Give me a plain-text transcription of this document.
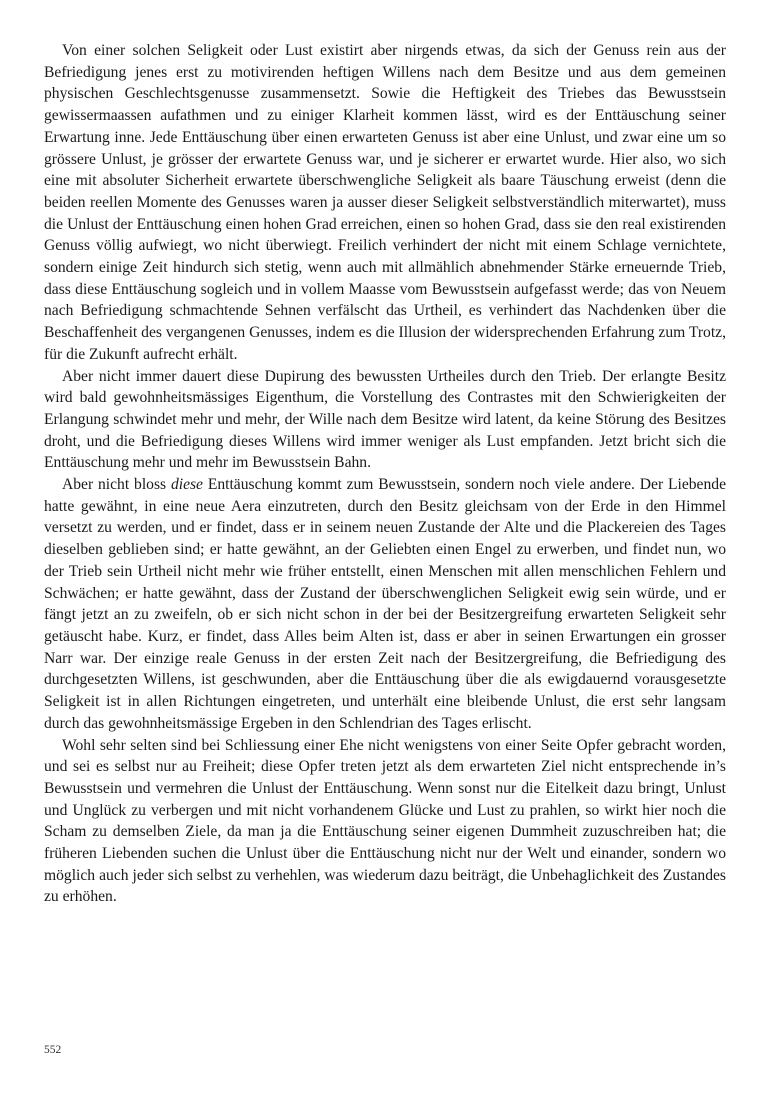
Von einer solchen Seligkeit oder Lust existirt aber nirgends etwas, da sich der Genuss rein aus der Befriedigung jenes erst zu motivirenden heftigen Willens nach dem Besitze und aus dem gemeinen physischen Geschlechtsgenusse zusammensetzt. Sowie die Heftigkeit des Triebes das Bewusstsein gewissermaassen aufathmen und zu einiger Klarheit kommen lässt, wird es der Enttäuschung seiner Erwartung inne. Jede Enttäuschung über einen erwarteten Genuss ist aber eine Unlust, und zwar eine um so grössere Unlust, je grösser der erwartete Genuss war, und je sicherer er erwartet wurde. Hier also, wo sich eine mit absoluter Sicherheit erwartete überschwengliche Seligkeit als baare Täuschung erweist (denn die beiden reellen Momente des Genusses waren ja ausser dieser Seligkeit selbstverständlich miterwartet), muss die Unlust der Enttäuschung einen hohen Grad erreichen, einen so hohen Grad, dass sie den real existirenden Genuss völlig aufwiegt, wo nicht überwiegt. Freilich verhindert der nicht mit einem Schlage vernichtete, sondern einige Zeit hindurch sich stetig, wenn auch mit allmählich abnehmender Stärke erneuernde Trieb, dass diese Enttäuschung sogleich und in vollem Maasse vom Bewusstsein aufgefasst werde; das von Neuem nach Befriedigung schmachtende Sehnen verfälscht das Urtheil, es verhindert das Nachdenken über die Beschaffenheit des vergangenen Genusses, indem es die Illusion der widersprechenden Erfahrung zum Trotz, für die Zukunft aufrecht erhält.

Aber nicht immer dauert diese Dupirung des bewussten Urtheiles durch den Trieb. Der erlangte Besitz wird bald gewohnheitsmässiges Eigenthum, die Vorstellung des Contrastes mit den Schwierigkeiten der Erlangung schwindet mehr und mehr, der Wille nach dem Besitze wird latent, da keine Störung des Besitzes droht, und die Befriedigung dieses Willens wird immer weniger als Lust empfanden. Jetzt bricht sich die Enttäuschung mehr und mehr im Bewusstsein Bahn.

Aber nicht bloss diese Enttäuschung kommt zum Bewusstsein, sondern noch viele andere. Der Liebende hatte gewähnt, in eine neue Aera einzutreten, durch den Besitz gleichsam von der Erde in den Himmel versetzt zu werden, und er findet, dass er in seinem neuen Zustande der Alte und die Plackereien des Tages dieselben geblieben sind; er hatte gewähnt, an der Geliebten einen Engel zu erwerben, und findet nun, wo der Trieb sein Urtheil nicht mehr wie früher entstellt, einen Menschen mit allen menschlichen Fehlern und Schwächen; er hatte gewähnt, dass der Zustand der überschwenglichen Seligkeit ewig sein würde, und er fängt jetzt an zu zweifeln, ob er sich nicht schon in der bei der Besitzergreifung erwarteten Seligkeit sehr getäuscht habe. Kurz, er findet, dass Alles beim Alten ist, dass er aber in seinen Erwartungen ein grosser Narr war. Der einzige reale Genuss in der ersten Zeit nach der Besitzergreifung, die Befriedigung des durchgesetzten Willens, ist geschwunden, aber die Enttäuschung über die als ewigdauernd vorausgesetzte Seligkeit ist in allen Richtungen eingetreten, und unterhält eine bleibende Unlust, die erst sehr langsam durch das gewohnheitsmässige Ergeben in den Schlendrian des Tages erlischt.

Wohl sehr selten sind bei Schliessung einer Ehe nicht wenigstens von einer Seite Opfer gebracht worden, und sei es selbst nur au Freiheit; diese Opfer treten jetzt als dem erwarteten Ziel nicht entsprechende in’s Bewusstsein und vermehren die Unlust der Enttäuschung. Wenn sonst nur die Eitelkeit dazu bringt, Unlust und Unglück zu verbergen und mit nicht vorhandenem Glücke und Lust zu prahlen, so wirkt hier noch die Scham zu demselben Ziele, da man ja die Enttäuschung seiner eigenen Dummheit zuzuschreiben hat; die früheren Liebenden suchen die Unlust über die Enttäuschung nicht nur der Welt und einander, sondern wo möglich auch jeder sich selbst zu verhehlen, was wiederum dazu beiträgt, die Unbehaglichkeit des Zustandes zu erhöhen.

552
